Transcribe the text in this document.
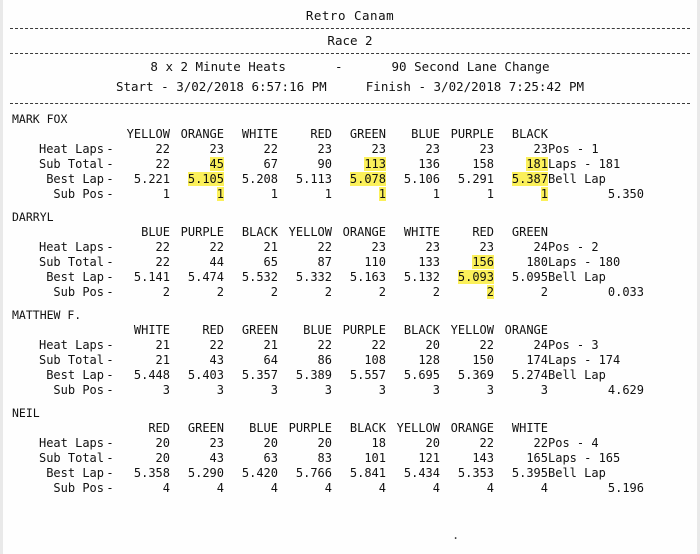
Retro Canam
Race 2
8 x 2 Minute Heats	-	90 Second Lane Change
Start - 3/02/2018 6:57:16 PM	Finish - 3/02/2018 7:25:42 PM
MARK FOX
		YELLOW	ORANGE	WHITE	RED	GREEN	BLUE	PURPLE	BLACK	
Heat Laps	-	22	23	22	23	23	23	23	23	Pos - 1
Sub Total	-	22	45	67	90	113	136	158	181	Laps - 181
Best Lap	-	5.221	5.105	5.208	5.113	5.078	5.106	5.291	5.387	Bell Lap
Sub Pos	-	1	1	1	1	1	1	1	1	5.350
DARRYL
		BLUE	PURPLE	BLACK	YELLOW	ORANGE	WHITE	RED	GREEN	
Heat Laps	-	22	22	21	22	23	23	23	24	Pos - 2
Sub Total	-	22	44	65	87	110	133	156	180	Laps - 180
Best Lap	-	5.141	5.474	5.532	5.332	5.163	5.132	5.093	5.095	Bell Lap
Sub Pos	-	2	2	2	2	2	2	2	2	0.033
MATTHEW F.
		WHITE	RED	GREEN	BLUE	PURPLE	BLACK	YELLOW	ORANGE	
Heat Laps	-	21	22	21	22	22	20	22	24	Pos - 3
Sub Total	-	21	43	64	86	108	128	150	174	Laps - 174
Best Lap	-	5.448	5.403	5.357	5.389	5.557	5.695	5.369	5.274	Bell Lap
Sub Pos	-	3	3	3	3	3	3	3	3	4.629
NEIL
		RED	GREEN	BLUE	PURPLE	BLACK	YELLOW	ORANGE	WHITE	
Heat Laps	-	20	23	20	20	18	20	22	22	Pos - 4
Sub Total	-	20	43	63	83	101	121	143	165	Laps - 165
Best Lap	-	5.358	5.290	5.420	5.766	5.841	5.434	5.353	5.395	Bell Lap
Sub Pos	-	4	4	4	4	4	4	4	4	5.196
.
